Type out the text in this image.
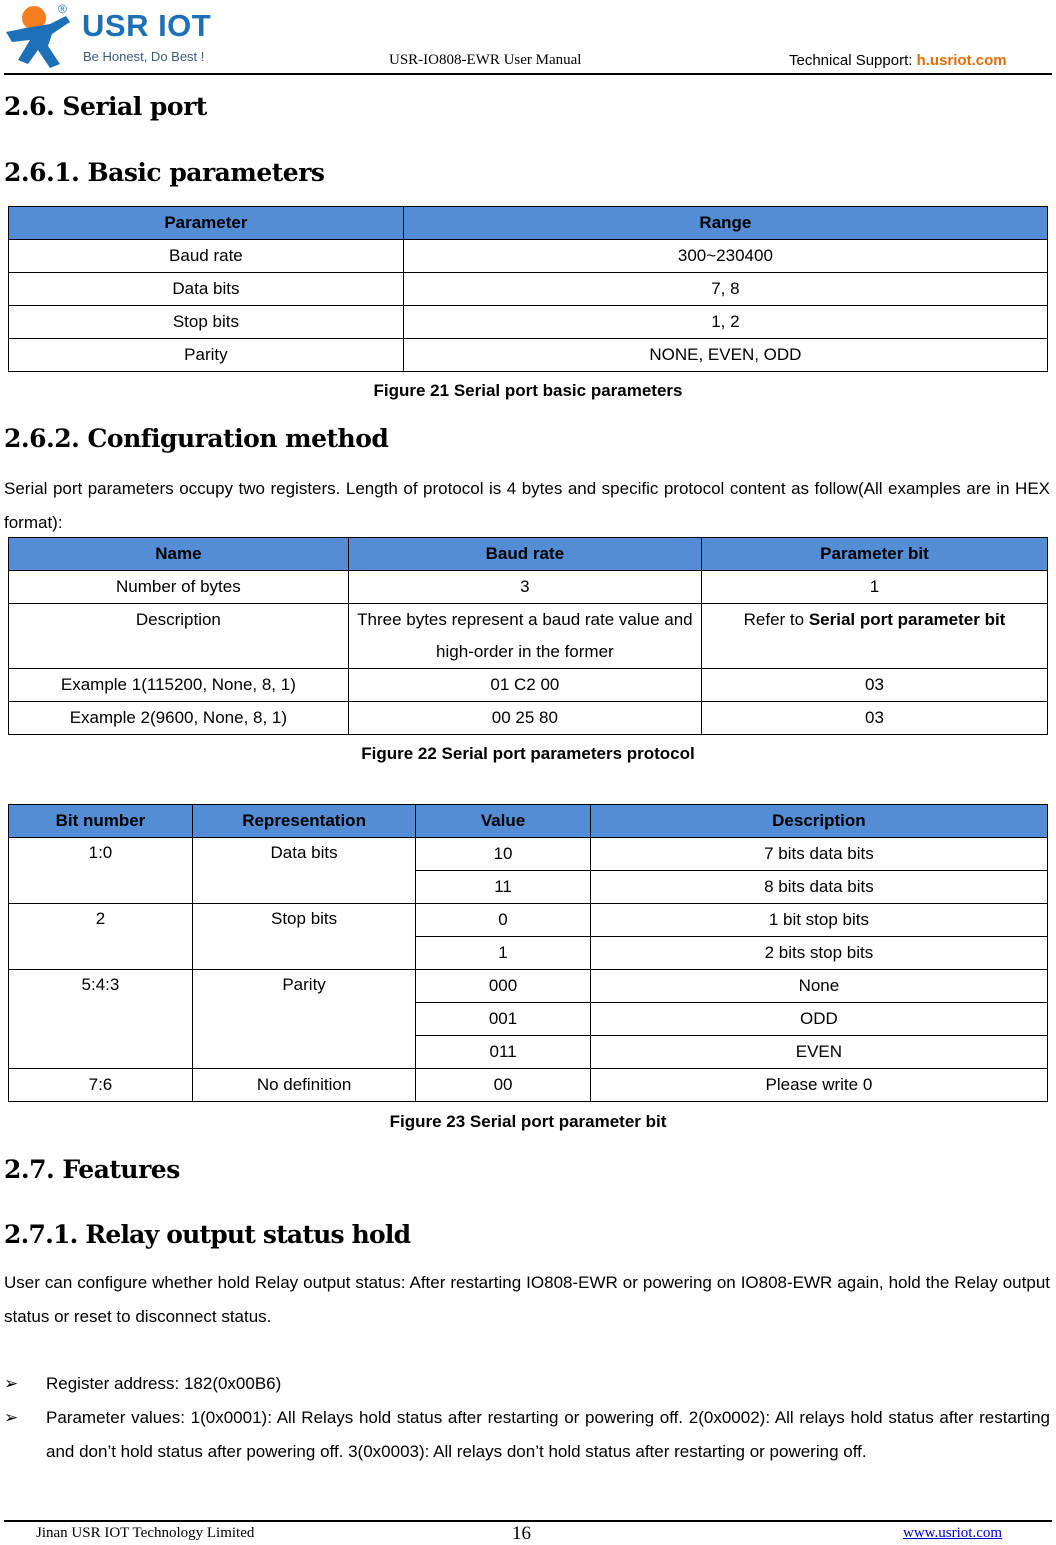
® USR IOT
Be Honest, Do Best !	USR-IO808-EWR User Manual	Technical Support: h.usriot.com
2.6. Serial port
2.6.1. Basic parameters
Parameter	Range
Baud rate	300~230400
Data bits	7, 8
Stop bits	1, 2
Parity	NONE, EVEN, ODD
Figure 21 Serial port basic parameters
2.6.2. Configuration method
Serial port parameters occupy two registers. Length of protocol is 4 bytes and specific protocol content as follow(All examples are in HEX format):
Name	Baud rate	Parameter bit
Number of bytes	3	1
Description	Three bytes represent a baud rate value and high-order in the former	Refer to Serial port parameter bit
Example 1(115200, None, 8, 1)	01 C2 00	03
Example 2(9600, None, 8, 1)	00 25 80	03
Figure 22 Serial port parameters protocol
Bit number	Representation	Value	Description
1:0	Data bits	10	7 bits data bits
		11	8 bits data bits
2	Stop bits	0	1 bit stop bits
		1	2 bits stop bits
5:4:3	Parity	000	None
		001	ODD
		011	EVEN
7:6	No definition	00	Please write 0
Figure 23 Serial port parameter bit
2.7. Features
2.7.1. Relay output status hold
User can configure whether hold Relay output status: After restarting IO808-EWR or powering on IO808-EWR again, hold the Relay output status or reset to disconnect status.
➢ Register address: 182(0x00B6)
➢ Parameter values: 1(0x0001): All Relays hold status after restarting or powering off. 2(0x0002): All relays hold status after restarting and don’t hold status after powering off. 3(0x0003): All relays don’t hold status after restarting or powering off.
Jinan USR IOT Technology Limited	16	www.usriot.com
